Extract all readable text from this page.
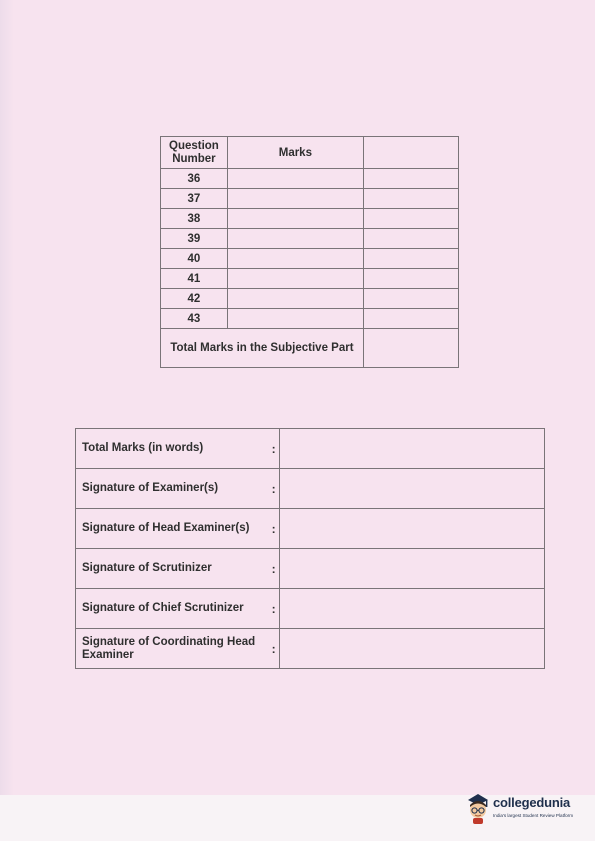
Question Number	Marks	
36		
37		
38		
39		
40		
41		
42		
43		
Total Marks in the Subjective Part		
Total Marks (in words)	:	
Signature of Examiner(s)	:	
Signature of Head Examiner(s)	:	
Signature of Scrutinizer	:	
Signature of Chief Scrutinizer	:	
Signature of Coordinating Head Examiner	:	
collegedunia
India's largest Student Review Platform
